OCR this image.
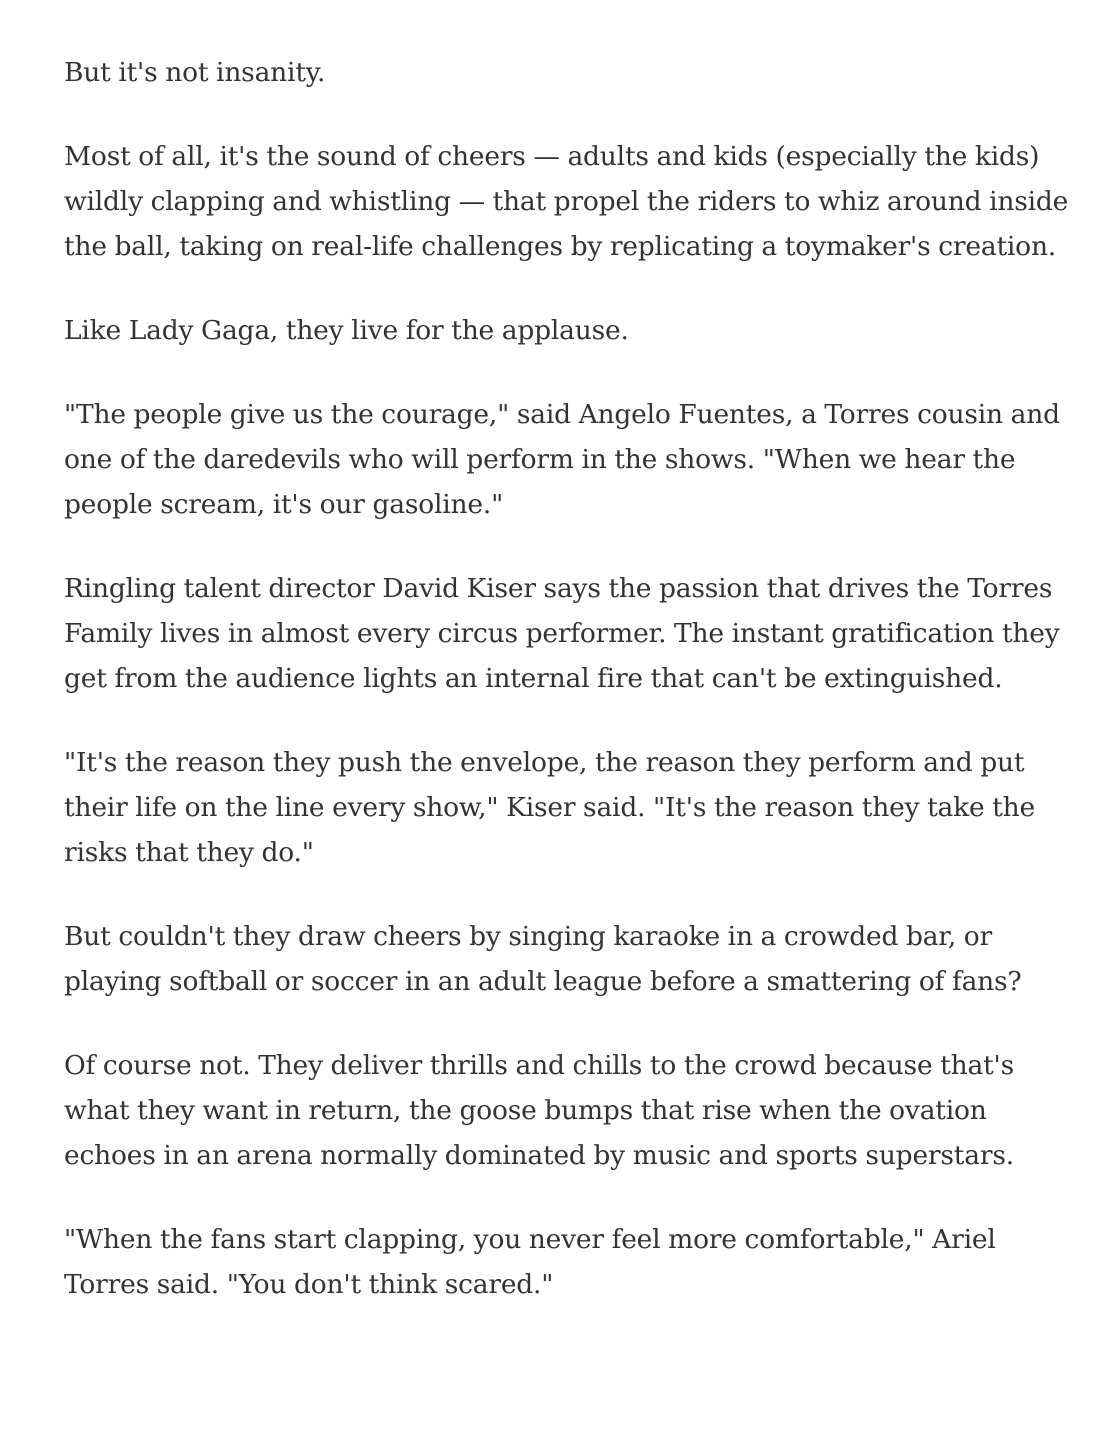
But it's not insanity.

Most of all, it's the sound of cheers — adults and kids (especially the kids) wildly clapping and whistling — that propel the riders to whiz around inside the ball, taking on real-life challenges by replicating a toymaker's creation.

Like Lady Gaga, they live for the applause.

"The people give us the courage," said Angelo Fuentes, a Torres cousin and one of the daredevils who will perform in the shows. "When we hear the people scream, it's our gasoline."

Ringling talent director David Kiser says the passion that drives the Torres Family lives in almost every circus performer. The instant gratification they get from the audience lights an internal fire that can't be extinguished.

"It's the reason they push the envelope, the reason they perform and put their life on the line every show," Kiser said. "It's the reason they take the risks that they do."

But couldn't they draw cheers by singing karaoke in a crowded bar, or playing softball or soccer in an adult league before a smattering of fans?

Of course not. They deliver thrills and chills to the crowd because that's what they want in return, the goose bumps that rise when the ovation echoes in an arena normally dominated by music and sports superstars.

"When the fans start clapping, you never feel more comfortable," Ariel Torres said. "You don't think scared."
